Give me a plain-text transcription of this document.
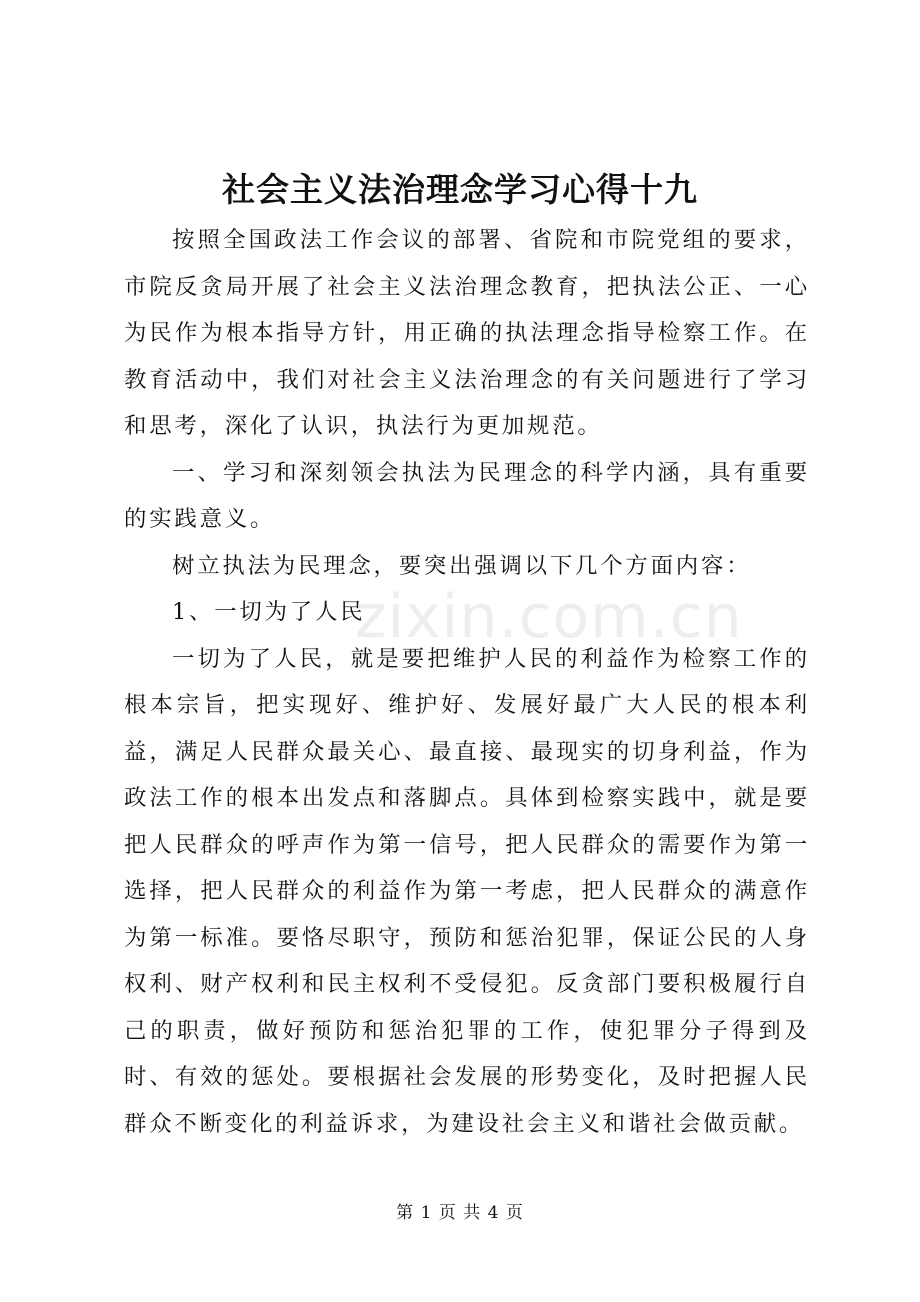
社会主义法治理念学习心得十九

按照全国政法工作会议的部署、省院和市院党组的要求，市院反贪局开展了社会主义法治理念教育，把执法公正、一心为民作为根本指导方针，用正确的执法理念指导检察工作。在教育活动中，我们对社会主义法治理念的有关问题进行了学习和思考，深化了认识，执法行为更加规范。

一、学习和深刻领会执法为民理念的科学内涵，具有重要的实践意义。

树立执法为民理念，要突出强调以下几个方面内容：

1、一切为了人民

一切为了人民，就是要把维护人民的利益作为检察工作的根本宗旨，把实现好、维护好、发展好最广大人民的根本利益，满足人民群众最关心、最直接、最现实的切身利益，作为政法工作的根本出发点和落脚点。具体到检察实践中，就是要把人民群众的呼声作为第一信号，把人民群众的需要作为第一选择，把人民群众的利益作为第一考虑，把人民群众的满意作为第一标准。要恪尽职守，预防和惩治犯罪，保证公民的人身权利、财产权利和民主权利不受侵犯。反贪部门要积极履行自己的职责，做好预防和惩治犯罪的工作，使犯罪分子得到及时、有效的惩处。要根据社会发展的形势变化，及时把握人民群众不断变化的利益诉求，为建设社会主义和谐社会做贡献。

zixin.com.cn
第 1 页 共 4 页
